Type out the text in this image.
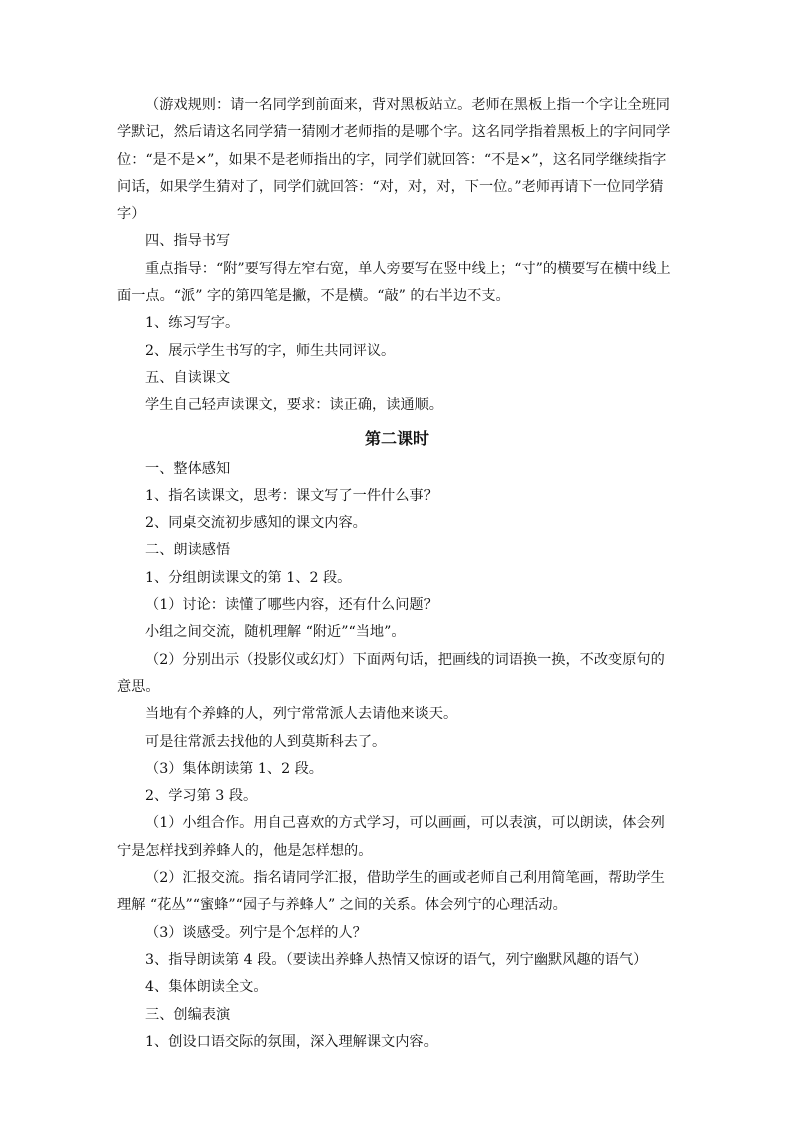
（游戏规则：请一名同学到前面来，背对黑板站立。老师在黑板上指一个字让全班同学默记，然后请这名同学猜一猜刚才老师指的是哪个字。这名同学指着黑板上的字问同学位：“是不是×”，如果不是老师指出的字，同学们就回答：“不是×”，这名同学继续指字问话，如果学生猜对了，同学们就回答：“对，对，对，下一位。”老师再请下一位同学猜字）

四、指导书写

重点指导：“附”要写得左窄右宽，单人旁要写在竖中线上；“寸”的横要写在横中线上面一点。“派” 字的第四笔是撇，不是横。“敲” 的右半边不支。

1、练习写字。

2、展示学生书写的字，师生共同评议。

五、自读课文

学生自己轻声读课文，要求：读正确，读通顺。

第二课时

一、整体感知

1、指名读课文，思考：课文写了一件什么事？

2、同桌交流初步感知的课文内容。

二、朗读感悟

1、分组朗读课文的第 1、2 段。

（1）讨论：读懂了哪些内容，还有什么问题？

小组之间交流，随机理解 “附近”“当地”。

（2）分别出示（投影仪或幻灯）下面两句话，把画线的词语换一换，不改变原句的意思。

当地有个养蜂的人，列宁常常派人去请他来谈天。

可是往常派去找他的人到莫斯科去了。

（3）集体朗读第 1、2 段。

2、学习第 3 段。

（1）小组合作。用自己喜欢的方式学习，可以画画，可以表演，可以朗读，体会列宁是怎样找到养蜂人的，他是怎样想的。

（2）汇报交流。指名请同学汇报，借助学生的画或老师自己利用简笔画，帮助学生理解 “花丛”“蜜蜂”“园子与养蜂人” 之间的关系。体会列宁的心理活动。

（3）谈感受。列宁是个怎样的人？

3、指导朗读第 4 段。（要读出养蜂人热情又惊讶的语气，列宁幽默风趣的语气）

4、集体朗读全文。

三、创编表演

1、创设口语交际的氛围，深入理解课文内容。
